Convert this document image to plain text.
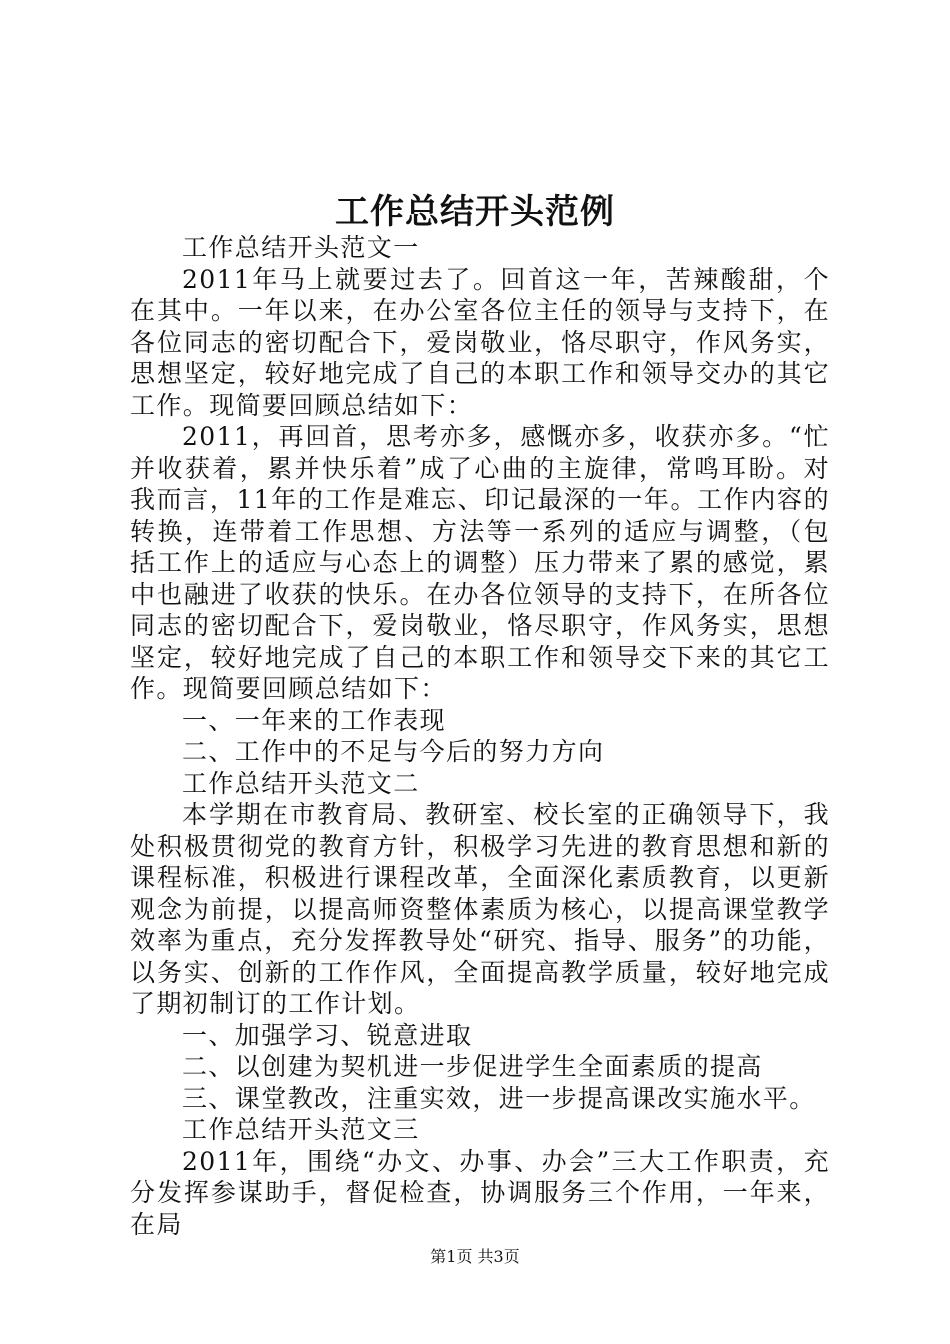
工作总结开头范例

工作总结开头范文一

2011年马上就要过去了。回首这一年，苦辣酸甜，个在其中。一年以来，在办公室各位主任的领导与支持下，在各位同志的密切配合下，爱岗敬业，恪尽职守，作风务实，思想坚定，较好地完成了自己的本职工作和领导交办的其它工作。现简要回顾总结如下：

2011，再回首，思考亦多，感慨亦多，收获亦多。“忙并收获着，累并快乐着”成了心曲的主旋律，常鸣耳盼。对我而言，11年的工作是难忘、印记最深的一年。工作内容的转换，连带着工作思想、方法等一系列的适应与调整，（包括工作上的适应与心态上的调整）压力带来了累的感觉，累中也融进了收获的快乐。在办各位领导的支持下，在所各位同志的密切配合下，爱岗敬业，恪尽职守，作风务实，思想坚定，较好地完成了自己的本职工作和领导交下来的其它工作。现简要回顾总结如下：

一、一年来的工作表现

二、工作中的不足与今后的努力方向

工作总结开头范文二

本学期在市教育局、教研室、校长室的正确领导下，我处积极贯彻党的教育方针，积极学习先进的教育思想和新的课程标准，积极进行课程改革，全面深化素质教育，以更新观念为前提，以提高师资整体素质为核心，以提高课堂教学效率为重点，充分发挥教导处“研究、指导、服务”的功能，以务实、创新的工作作风，全面提高教学质量，较好地完成了期初制订的工作计划。

一、加强学习、锐意进取

二、以创建为契机进一步促进学生全面素质的提高

三、课堂教改，注重实效，进一步提高课改实施水平。

工作总结开头范文三

2011年，围绕“办文、办事、办会”三大工作职责，充分发挥参谋助手，督促检查，协调服务三个作用，一年来，在局

第1页 共3页
